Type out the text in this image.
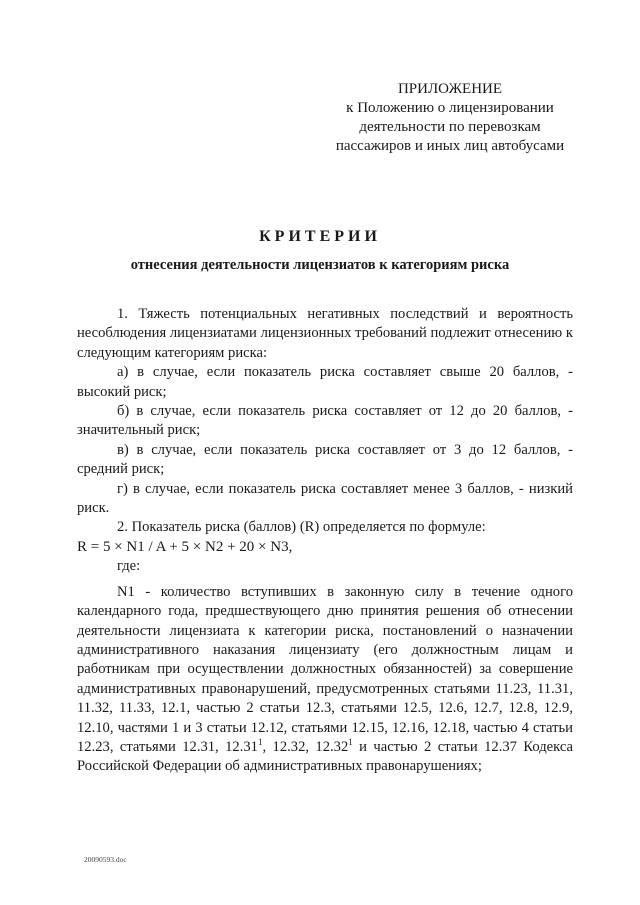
ПРИЛОЖЕНИЕ
к Положению о лицензировании
деятельности по перевозкам
пассажиров и иных лиц автобусами
КРИТЕРИИ
отнесения деятельности лицензиатов к категориям риска

1. Тяжесть потенциальных негативных последствий и вероятность несоблюдения лицензиатами лицензионных требований подлежит отнесению к следующим категориям риска:

а) в случае, если показатель риска составляет свыше 20 баллов, - высокий риск;

б) в случае, если показатель риска составляет от 12 до 20 баллов, - значительный риск;

в) в случае, если показатель риска составляет от 3 до 12 баллов, - средний риск;

г) в случае, если показатель риска составляет менее 3 баллов, - низкий риск.

2. Показатель риска (баллов) (R) определяется по формуле:

R = 5 × N1 / A + 5 × N2 + 20 × N3,

где:

N1 - количество вступивших в законную силу в течение одного календарного года, предшествующего дню принятия решения об отнесении деятельности лицензиата к категории риска, постановлений о назначении административного наказания лицензиату (его должностным лицам и работникам при осуществлении должностных обязанностей) за совершение административных правонарушений, предусмотренных статьями 11.23, 11.31, 11.32, 11.33, 12.1, частью 2 статьи 12.3, статьями 12.5, 12.6, 12.7, 12.8, 12.9, 12.10, частями 1 и 3 статьи 12.12, статьями 12.15, 12.16, 12.18, частью 4 статьи 12.23, статьями 12.31, 12.31$^1$, 12.32, 12.32$^1$ и частью 2 статьи 12.37 Кодекса Российской Федерации об административных правонарушениях;

20090593.doc
